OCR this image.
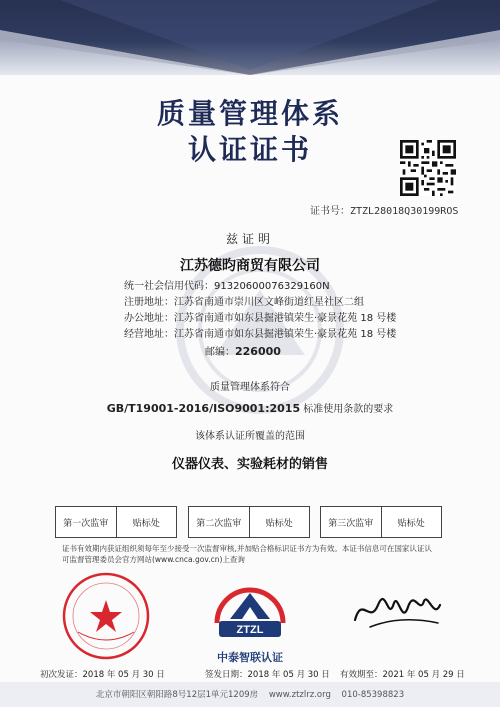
质量管理体系
认证证书
证书号：ZTZL28018Q30199ROS
兹证明
江苏德昀商贸有限公司
统一社会信用代码：91320600076329160N
注册地址：江苏省南通市崇川区文峰街道红星社区二组
办公地址：江苏省南通市如东县掘港镇荣生·豪景花苑 18 号楼
经营地址：江苏省南通市如东县掘港镇荣生·豪景花苑 18 号楼
邮编：226000
质量管理体系符合
GB/T19001-2016/ISO9001:2015 标准使用条款的要求
该体系认证所覆盖的范围
仪器仪表、实验耗材的销售
第一次监审	贴标处	第二次监审	贴标处	第三次监审	贴标处
证书有效期内获证组织须每年至少接受一次监督审核,并加贴合格标识证书方为有效。本证书信息可在国家认证认
可监督管理委员会官方网站(www.cnca.gov.cn)上查询
ZTZL
中泰智联认证
初次发证：2018 年 05 月 30 日	签发日期：2018 年 05 月 30 日 有效期至：2021 年 05 月 29 日
北京市朝阳区朝阳路8号12层1单元1209房 www.ztzlrz.org 010-85398823
